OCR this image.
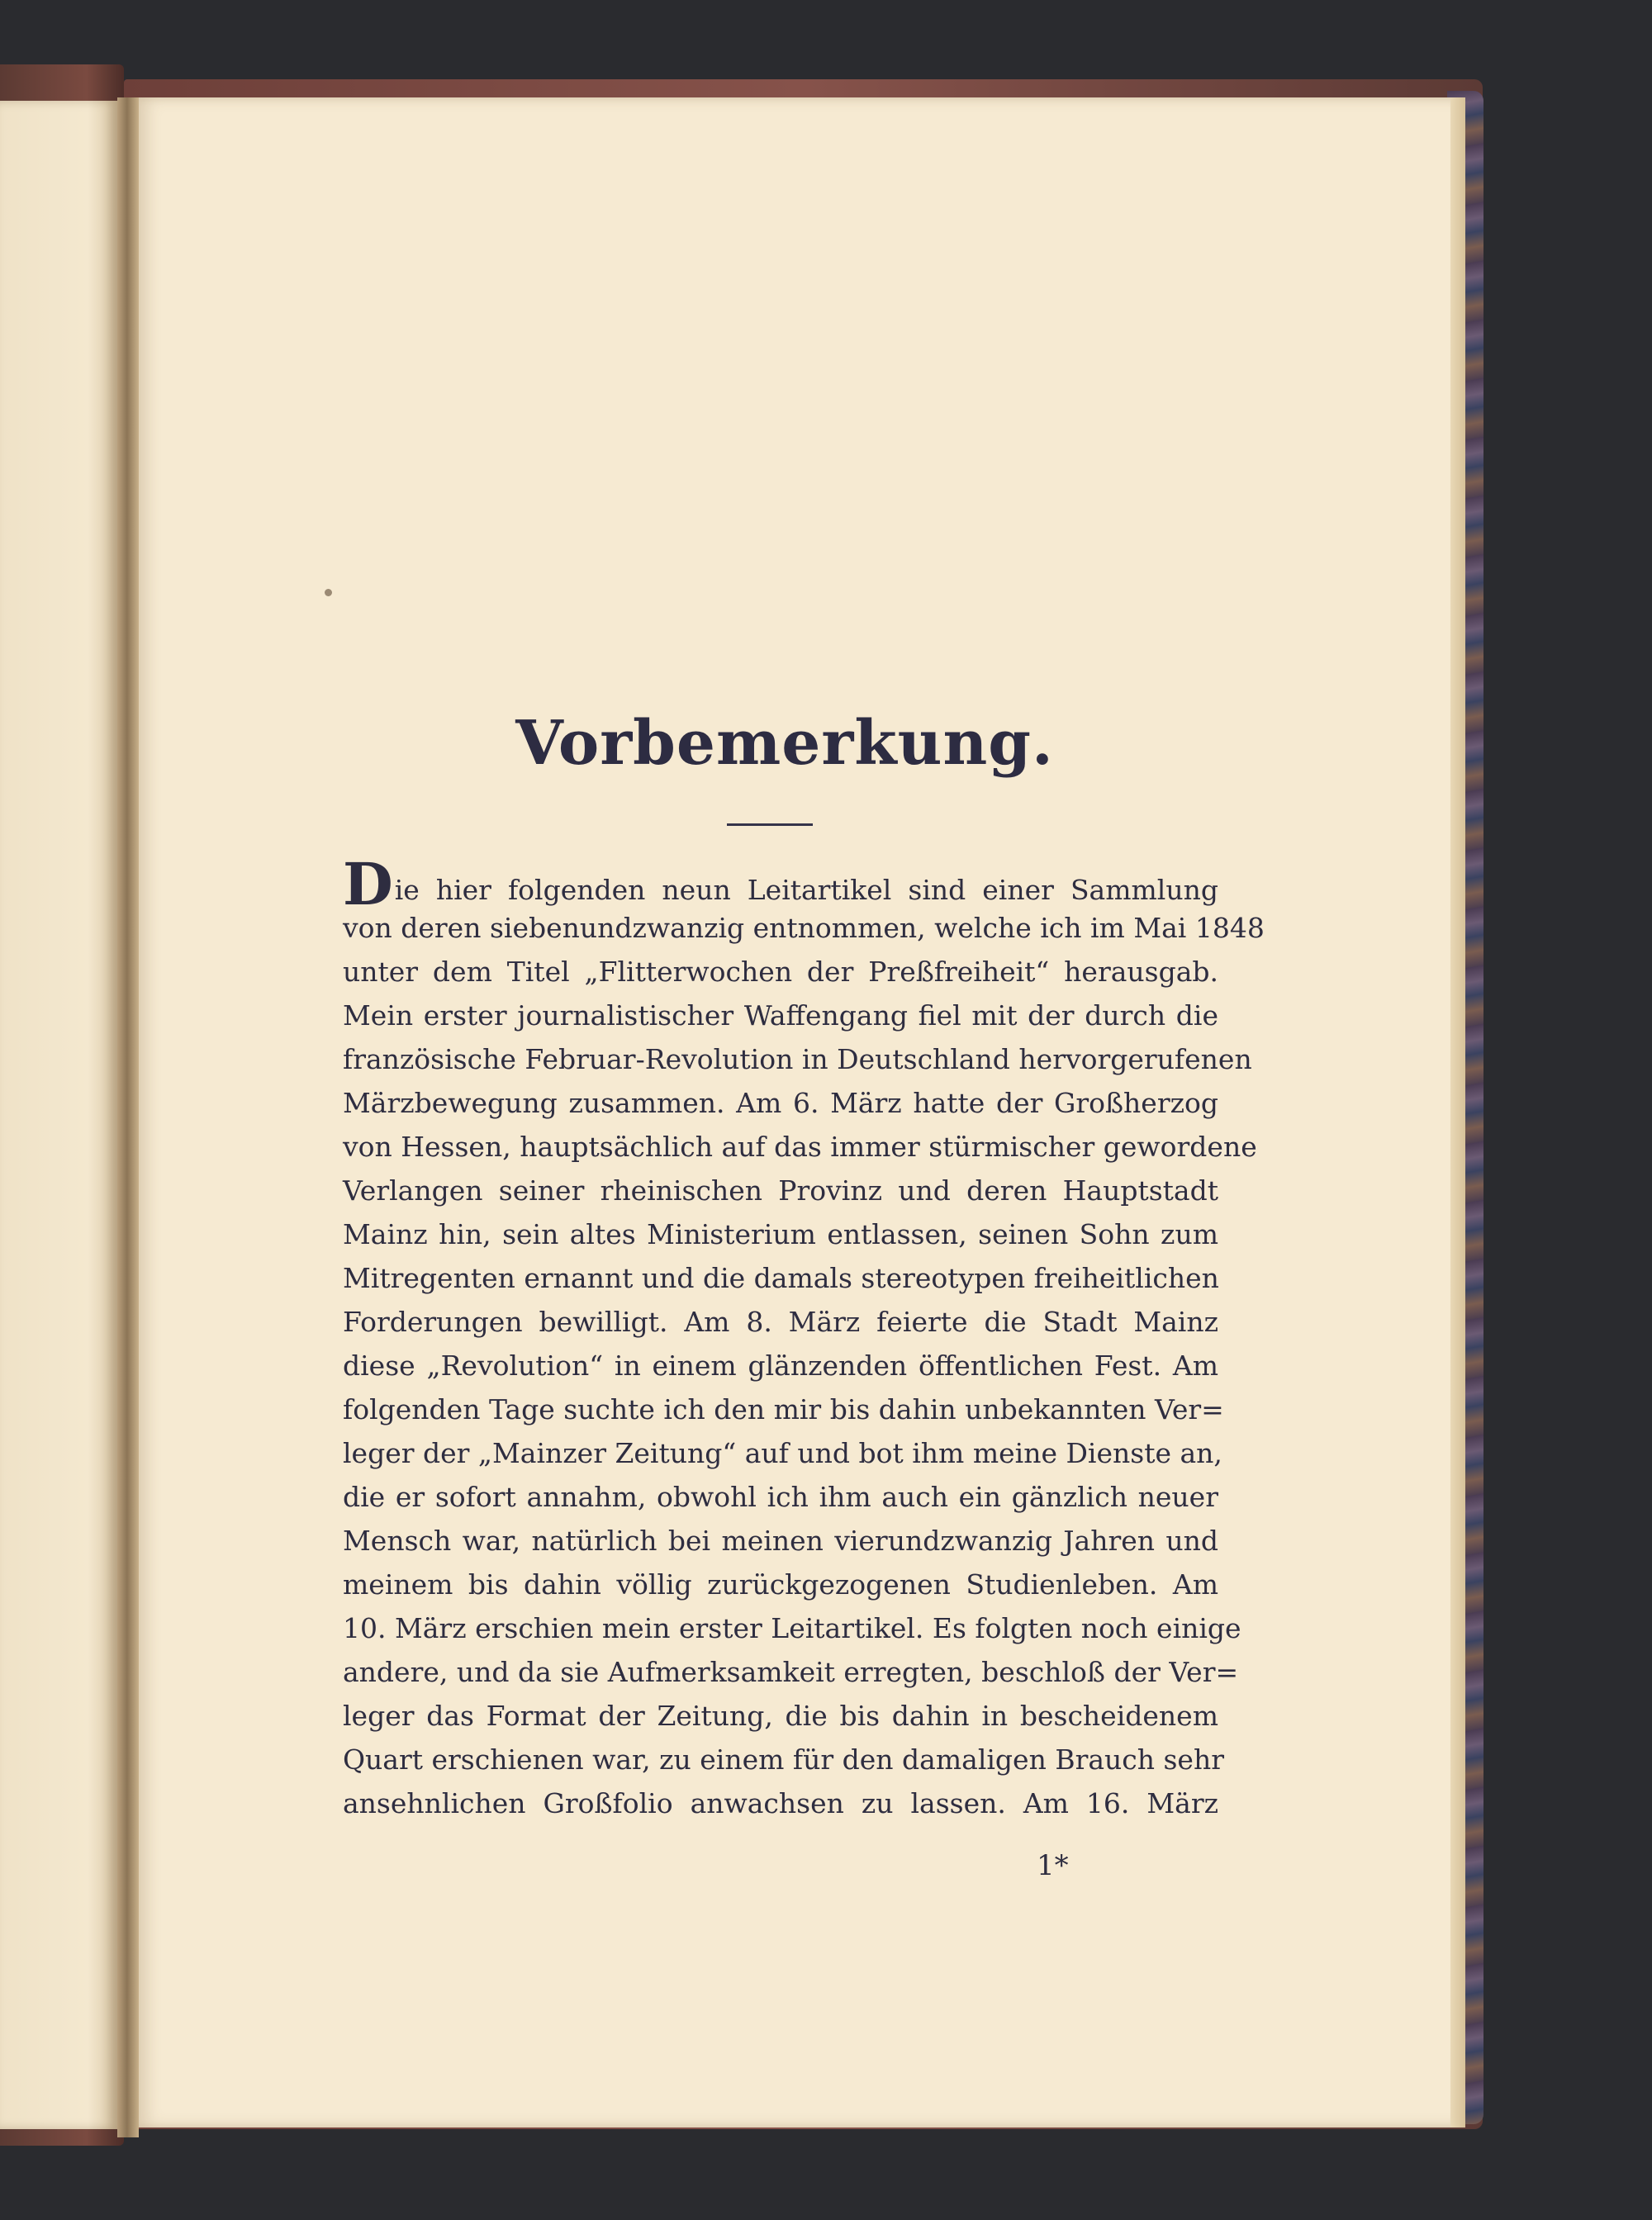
Vorbemerkung.
Die hier folgenden neun Leitartikel sind einer Sammlung
von deren siebenundzwanzig entnommen, welche ich im Mai 1848
unter dem Titel „Flitterwochen der Preßfreiheit“ herausgab.
Mein erster journalistischer Waffengang fiel mit der durch die
französische Februar-Revolution in Deutschland hervorgerufenen
Märzbewegung zusammen. Am 6. März hatte der Großherzog
von Hessen, hauptsächlich auf das immer stürmischer gewordene
Verlangen seiner rheinischen Provinz und deren Hauptstadt
Mainz hin, sein altes Ministerium entlassen, seinen Sohn zum
Mitregenten ernannt und die damals stereotypen freiheitlichen
Forderungen bewilligt. Am 8. März feierte die Stadt Mainz
diese „Revolution“ in einem glänzenden öffentlichen Fest. Am
folgenden Tage suchte ich den mir bis dahin unbekannten Ver=
leger der „Mainzer Zeitung“ auf und bot ihm meine Dienste an,
die er sofort annahm, obwohl ich ihm auch ein gänzlich neuer
Mensch war, natürlich bei meinen vierundzwanzig Jahren und
meinem bis dahin völlig zurückgezogenen Studienleben. Am
10. März erschien mein erster Leitartikel. Es folgten noch einige
andere, und da sie Aufmerksamkeit erregten, beschloß der Ver=
leger das Format der Zeitung, die bis dahin in bescheidenem
Quart erschienen war, zu einem für den damaligen Brauch sehr
ansehnlichen Großfolio anwachsen zu lassen. Am 16. März
1*
